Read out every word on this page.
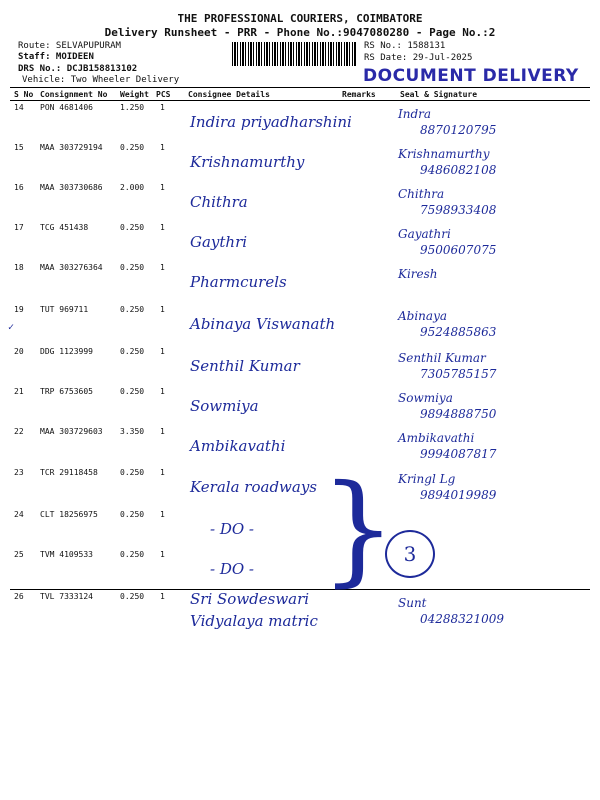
THE PROFESSIONAL COURIERS, COIMBATORE
Delivery Runsheet - PRR - Phone No.:9047080280 - Page No.:2
Route: SELVAPUPURAM
Staff: MOIDEEN
DRS No.: DCJB158813102
Vehicle: Two Wheeler Delivery
RS No.: 1588131
RS Date: 29-Jul-2025
DOCUMENT DELIVERY
S No Consignment No Weight PCS Consignee Details	Remarks	Seal & Signature
14 PON 4681406	1.250 1
Indira priyadharshini	Indra
8870120795
15 MAA 303729194 0.250 1
Krishnamurthy	Krishnamurthy
9486082108
16 MAA 303730686 2.000 1
Chithra	Chithra
7598933408
17 TCG 451438	0.250 1
Gaythri	Gayathri
9500607075
18 MAA 303276364 0.250 1
Pharmcurels	Kiresh
19 TUT 969711	0.250 1
Abinaya Viswanath	Abinaya
9524885863
20 DDG 1123999	0.250 1
Senthil Kumar	Senthil Kumar
7305785157
21 TRP 6753605	0.250 1
Sowmiya	Sowmiya
9894888750
22 MAA 303729603 3.350 1
Ambikavathi	Ambikavathi
9994087817
23 TCR 29118458	0.250 1
Kerala roadways	Kringl Lg
9894019989
24 CLT 18256975	0.250 1
- DO -
25 TVM 4109533	0.250 1
- DO -
26 TVL 7333124	0.250 1 Sri Sowdeswari Vidyalaya matric
Sunt
04288321009
} 3
✓
